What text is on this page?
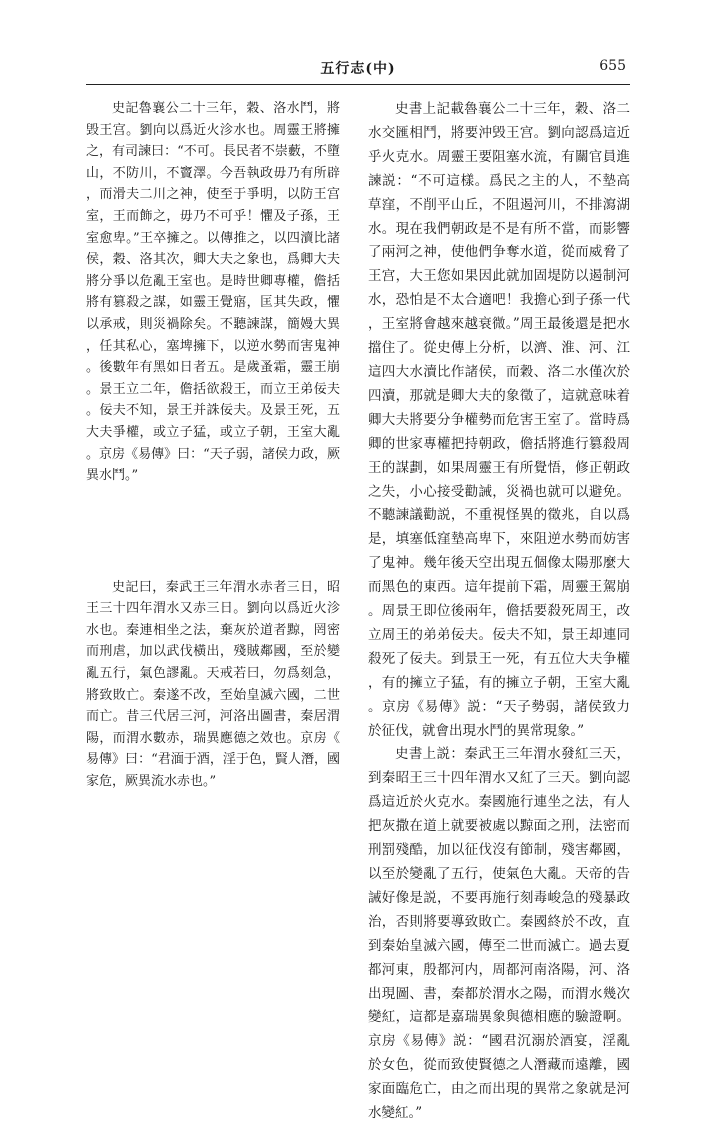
五行志(中)	655

史記魯襄公二十三年，穀、洛水鬥，將毁王宫。劉向以爲近火沴水也。周靈王將擁之，有司諫曰：“不可。長民者不崇藪，不墮山，不防川，不竇澤。今吾執政毋乃有所辟，而滑夫二川之神，使至于爭明，以防王宫室，王而飾之，毋乃不可乎！懼及子孫，王室愈卑。”王卒擁之。以傳推之，以四瀆比諸侯，穀、洛其次，卿大夫之象也，爲卿大夫將分爭以危亂王室也。是時世卿專權，儋括將有篡殺之謀，如靈王覺寤，匡其失政，懼以承戒，則災禍除矣。不聽諫謀，簡嫚大異，任其私心，塞埤擁下，以逆水勢而害鬼神。後數年有黑如日者五。是歲蚤霜，靈王崩。景王立二年，儋括欲殺王，而立王弟佞夫。佞夫不知，景王并誅佞夫。及景王死，五大夫爭權，或立子猛，或立子朝，王室大亂。京房《易傳》曰：“天子弱，諸侯力政，厥異水鬥。”

史記曰，秦武王三年渭水赤者三日，昭王三十四年渭水又赤三日。劉向以爲近火沴水也。秦連相坐之法，棄灰於道者黥，罔密而刑虐，加以武伐橫出，殘賊鄰國，至於變亂五行，氣色謬亂。天戒若曰，勿爲刻急，將致敗亡。秦遂不改，至始皇滅六國，二世而亡。昔三代居三河，河洛出圖書，秦居渭陽，而渭水數赤，瑞異應德之效也。京房《易傳》曰：“君湎于酒，淫于色，賢人潛，國家危，厥異流水赤也。”

史書上記載魯襄公二十三年，穀、洛二水交匯相鬥，將要沖毁王宫。劉向認爲這近乎火克水。周靈王要阻塞水流，有關官員進諫説：“不可這樣。爲民之主的人，不墊高草窪，不削平山丘，不阻遏河川，不排瀉湖水。現在我們朝政是不是有所不當，而影響了兩河之神，使他們争奪水道，從而威脅了王宫，大王您如果因此就加固堤防以遏制河水，恐怕是不太合適吧！我擔心到子孫一代，王室將會越來越衰微。”周王最後還是把水擋住了。從史傳上分析，以濟、淮、河、江這四大水瀆比作諸侯，而穀、洛二水僅次於四瀆，那就是卿大夫的象徵了，這就意味着卿大夫將要分争權勢而危害王室了。當時爲卿的世家專權把持朝政，儋括將進行篡殺周王的謀劃，如果周靈王有所覺悟，修正朝政之失，小心接受勸誡，災禍也就可以避免。不聽諫議勸説，不重視怪異的徵兆，自以爲是，填塞低窪墊高卑下，來阻逆水勢而妨害了鬼神。幾年後天空出現五個像太陽那麼大而黑色的東西。這年提前下霜，周靈王駕崩。周景王即位後兩年，儋括要殺死周王，改立周王的弟弟佞夫。佞夫不知，景王却連同殺死了佞夫。到景王一死，有五位大夫争權，有的擁立子猛，有的擁立子朝，王室大亂。京房《易傳》説：“天子勢弱，諸侯致力於征伐，就會出現水鬥的異常現象。”

史書上説：秦武王三年渭水發紅三天，到秦昭王三十四年渭水又紅了三天。劉向認爲這近於火克水。秦國施行連坐之法，有人把灰撒在道上就要被處以黥面之刑，法密而刑罰殘酷，加以征伐沒有節制，殘害鄰國，以至於變亂了五行，使氣色大亂。天帝的告誡好像是説，不要再施行刻毒峻急的殘暴政治，否則將要導致敗亡。秦國終於不改，直到秦始皇滅六國，傳至二世而滅亡。過去夏都河東，殷都河内，周都河南洛陽，河、洛出現圖、書，秦都於渭水之陽，而渭水幾次變紅，這都是嘉瑞異象與德相應的驗證啊。京房《易傳》説：“國君沉溺於酒宴，淫亂於女色，從而致使賢德之人潛藏而遠離，國家面臨危亡，由之而出現的異常之象就是河水變紅。”
